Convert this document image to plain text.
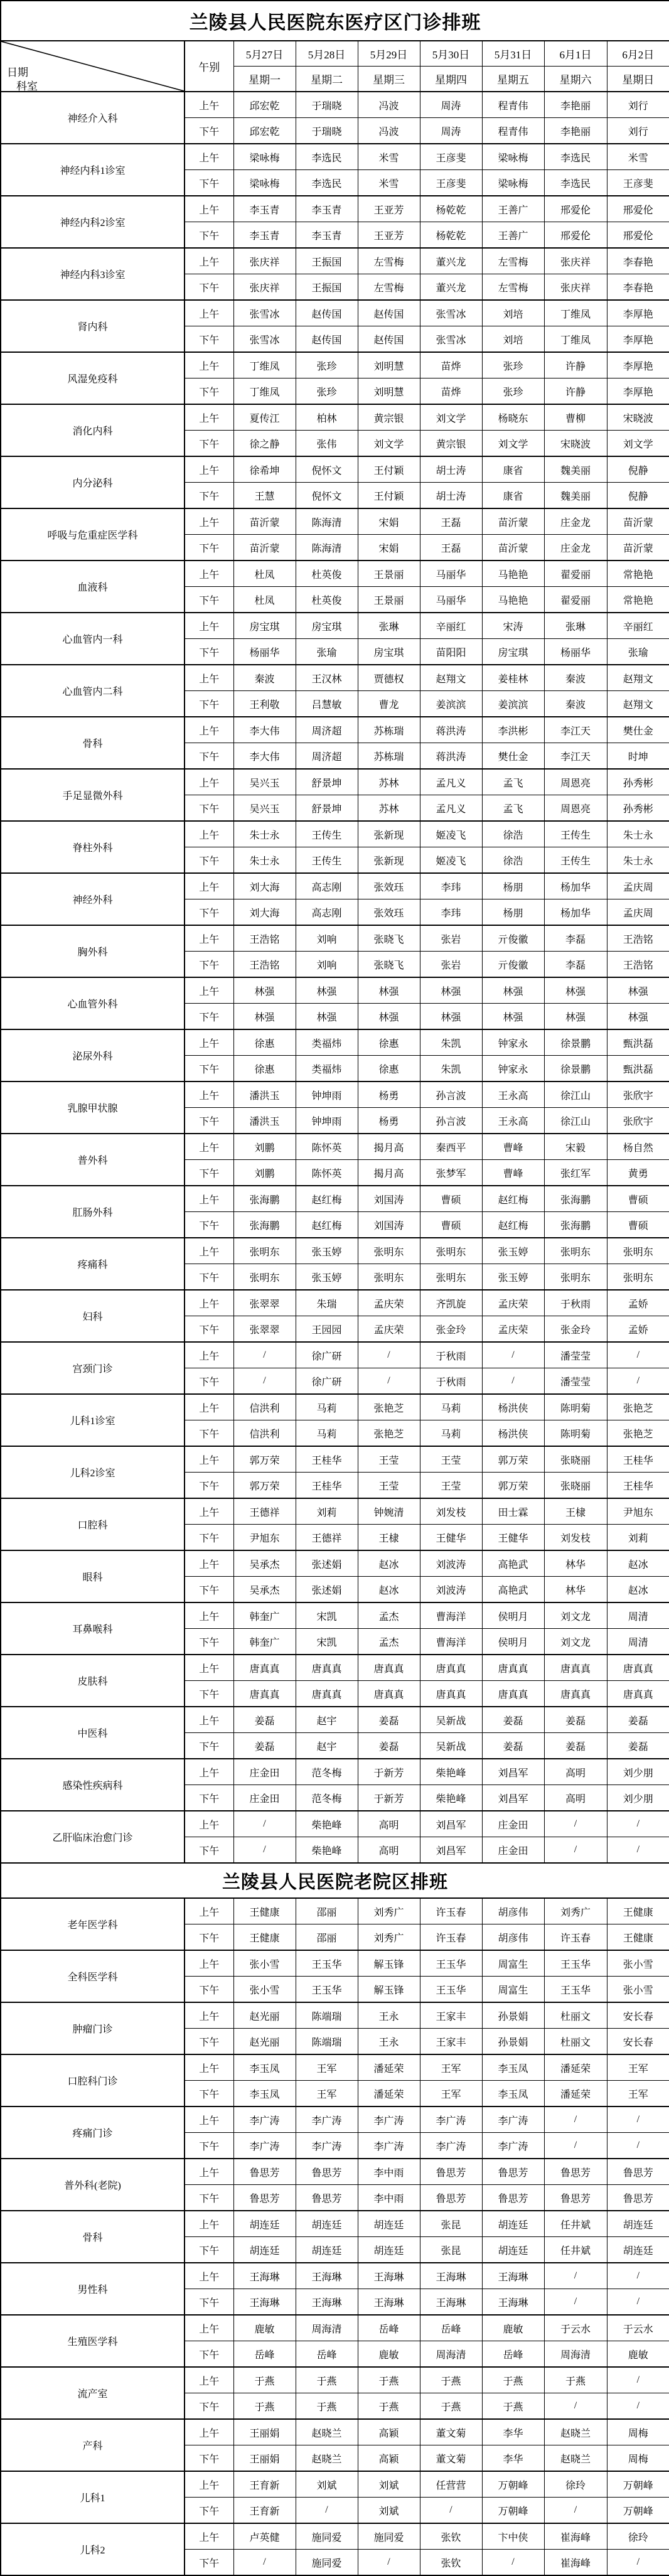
兰陵县人民医院东医疗区门诊排班								

日期
科室	午别	5月27日	5月28日	5月29日	5月30日	5月31日	6月1日	6月2日
		星期一	星期二	星期三	星期四	星期五	星期六	星期日
神经介入科	上午	邱宏乾	于瑞晓	冯波	周涛	程青伟	李艳丽	刘行
	下午	邱宏乾	于瑞晓	冯波	周涛	程青伟	李艳丽	刘行
神经内科1诊室	上午	梁咏梅	李选民	米雪	王彦斐	梁咏梅	李选民	米雪
	下午	梁咏梅	李选民	米雪	王彦斐	梁咏梅	李选民	王彦斐
神经内科2诊室	上午	李玉青	李玉青	王亚芳	杨乾乾	王善广	邢爱伦	邢爱伦
	下午	李玉青	李玉青	王亚芳	杨乾乾	王善广	邢爱伦	邢爱伦
神经内科3诊室	上午	张庆祥	王振国	左雪梅	董兴龙	左雪梅	张庆祥	李春艳
	下午	张庆祥	王振国	左雪梅	董兴龙	左雪梅	张庆祥	李春艳
肾内科	上午	张雪冰	赵传国	赵传国	张雪冰	刘培	丁维凤	李厚艳
	下午	张雪冰	赵传国	赵传国	张雪冰	刘培	丁维凤	李厚艳
风湿免疫科	上午	丁维凤	张珍	刘明慧	苗烨	张珍	许静	李厚艳
	下午	丁维凤	张珍	刘明慧	苗烨	张珍	许静	李厚艳
消化内科	上午	夏传江	柏林	黄宗银	刘文学	杨晓东	曹柳	宋晓波
	下午	徐之静	张伟	刘文学	黄宗银	刘文学	宋晓波	刘文学
内分泌科	上午	徐希坤	倪怀文	王付颖	胡士涛	康省	魏美丽	倪静
	下午	王慧	倪怀文	王付颖	胡士涛	康省	魏美丽	倪静
呼吸与危重症医学科	上午	苗沂蒙	陈海清	宋娟	王磊	苗沂蒙	庄金龙	苗沂蒙
	下午	苗沂蒙	陈海清	宋娟	王磊	苗沂蒙	庄金龙	苗沂蒙
血液科	上午	杜凤	杜英俊	王景丽	马丽华	马艳艳	翟爱丽	常艳艳
	下午	杜凤	杜英俊	王景丽	马丽华	马艳艳	翟爱丽	常艳艳
心血管内一科	上午	房宝琪	房宝琪	张琳	辛丽红	宋涛	张琳	辛丽红
	下午	杨丽华	张瑜	房宝琪	苗阳阳	房宝琪	杨丽华	张瑜
心血管内二科	上午	秦波	王汉林	贾德权	赵翔文	姜桂林	秦波	赵翔文
	下午	王利敬	吕慧敏	曹龙	姜滨滨	姜滨滨	秦波	赵翔文
骨科	上午	李大伟	周济超	苏栋瑞	蒋洪涛	李洪彬	李江天	樊仕金
	下午	李大伟	周济超	苏栋瑞	蒋洪涛	樊仕金	李江天	时坤
手足显微外科	上午	吴兴玉	舒景坤	苏林	孟凡义	孟飞	周恩亮	孙秀彬
	下午	吴兴玉	舒景坤	苏林	孟凡义	孟飞	周恩亮	孙秀彬
脊柱外科	上午	朱士永	王传生	张新现	姬凌飞	徐浩	王传生	朱士永
	下午	朱士永	王传生	张新现	姬凌飞	徐浩	王传生	朱士永
神经外科	上午	刘大海	高志刚	张效珏	李玮	杨朋	杨加华	孟庆周
	下午	刘大海	高志刚	张效珏	李玮	杨朋	杨加华	孟庆周
胸外科	上午	王浩铭	刘响	张晓飞	张岩	亓俊徽	李磊	王浩铭
	下午	王浩铭	刘响	张晓飞	张岩	亓俊徽	李磊	王浩铭
心血管外科	上午	林强	林强	林强	林强	林强	林强	林强
	下午	林强	林强	林强	林强	林强	林强	林强
泌尿外科	上午	徐惠	类福炜	徐惠	朱凯	钟家永	徐景鹏	甄洪磊
	下午	徐惠	类福炜	徐惠	朱凯	钟家永	徐景鹏	甄洪磊
乳腺甲状腺	上午	潘洪玉	钟坤雨	杨勇	孙言波	王永高	徐江山	张欣宇
	下午	潘洪玉	钟坤雨	杨勇	孙言波	王永高	徐江山	张欣宇
普外科	上午	刘鹏	陈怀英	揭月高	秦西平	曹峰	宋毅	杨自然
	下午	刘鹏	陈怀英	揭月高	张梦军	曹峰	张红军	黄勇
肛肠外科	上午	张海鹏	赵红梅	刘国涛	曹硕	赵红梅	张海鹏	曹硕
	下午	张海鹏	赵红梅	刘国涛	曹硕	赵红梅	张海鹏	曹硕
疼痛科	上午	张明东	张玉婷	张明东	张明东	张玉婷	张明东	张明东
	下午	张明东	张玉婷	张明东	张明东	张玉婷	张明东	张明东
妇科	上午	张翠翠	朱瑞	孟庆荣	齐凯旋	孟庆荣	于秋雨	孟娇
	下午	张翠翠	王园园	孟庆荣	张金玲	孟庆荣	张金玲	孟娇
宫颈门诊	上午	/	徐广研	/	于秋雨	/	潘莹莹	/
	下午	/	徐广研	/	于秋雨	/	潘莹莹	/
儿科1诊室	上午	信洪利	马莉	张艳芝	马莉	杨洪侠	陈明菊	张艳芝
	下午	信洪利	马莉	张艳芝	马莉	杨洪侠	陈明菊	张艳芝
儿科2诊室	上午	郭万荣	王桂华	王莹	王莹	郭万荣	张晓丽	王桂华
	下午	郭万荣	王桂华	王莹	王莹	郭万荣	张晓丽	王桂华
口腔科	上午	王德祥	刘莉	钟婉清	刘发枝	田士霖	王棣	尹旭东
	下午	尹旭东	王德祥	王棣	王健华	王健华	刘发枝	刘莉
眼科	上午	吴承杰	张述娟	赵冰	刘波涛	高艳武	林华	赵冰
	下午	吴承杰	张述娟	赵冰	刘波涛	高艳武	林华	赵冰
耳鼻喉科	上午	韩奎广	宋凯	孟杰	曹海洋	侯明月	刘文龙	周清
	下午	韩奎广	宋凯	孟杰	曹海洋	侯明月	刘文龙	周清
皮肤科	上午	唐真真	唐真真	唐真真	唐真真	唐真真	唐真真	唐真真
	下午	唐真真	唐真真	唐真真	唐真真	唐真真	唐真真	唐真真
中医科	上午	姜磊	赵宇	姜磊	吴新战	姜磊	姜磊	姜磊
	下午	姜磊	赵宇	姜磊	吴新战	姜磊	姜磊	姜磊
感染性疾病科	上午	庄金田	范冬梅	于新芳	柴艳峰	刘昌军	高明	刘少朋
	下午	庄金田	范冬梅	于新芳	柴艳峰	刘昌军	高明	刘少朋
乙肝临床治愈门诊	上午	/	柴艳峰	高明	刘昌军	庄金田	/	/
	下午	/	柴艳峰	高明	刘昌军	庄金田	/	/
兰陵县人民医院老院区排班								
老年医学科	上午	王健康	邵丽	刘秀广	许玉春	胡彦伟	刘秀广	王健康
	下午	王健康	邵丽	刘秀广	许玉春	胡彦伟	许玉春	王健康
全科医学科	上午	张小雪	王玉华	解玉锋	王玉华	周富生	王玉华	张小雪
	下午	张小雪	王玉华	解玉锋	王玉华	周富生	王玉华	张小雪
肿瘤门诊	上午	赵光丽	陈端瑞	王永	王家丰	孙景娟	杜丽文	安长春
	下午	赵光丽	陈端瑞	王永	王家丰	孙景娟	杜丽文	安长春
口腔科门诊	上午	李玉凤	王军	潘延荣	王军	李玉凤	潘延荣	王军
	下午	李玉凤	王军	潘延荣	王军	李玉凤	潘延荣	王军
疼痛门诊	上午	李广涛	李广涛	李广涛	李广涛	李广涛	/	/
	下午	李广涛	李广涛	李广涛	李广涛	李广涛	/	/
普外科(老院)	上午	鲁思芳	鲁思芳	李中雨	鲁思芳	鲁思芳	鲁思芳	鲁思芳
	下午	鲁思芳	鲁思芳	李中雨	鲁思芳	鲁思芳	鲁思芳	鲁思芳
骨科	上午	胡连廷	胡连廷	胡连廷	张昆	胡连廷	任井斌	胡连廷
	下午	胡连廷	胡连廷	胡连廷	张昆	胡连廷	任井斌	胡连廷
男性科	上午	王海琳	王海琳	王海琳	王海琳	王海琳	/	/
	下午	王海琳	王海琳	王海琳	王海琳	王海琳	/	/
生殖医学科	上午	鹿敏	周海清	岳峰	岳峰	鹿敏	于云水	于云水
	下午	岳峰	岳峰	鹿敏	周海清	岳峰	周海清	鹿敏
流产室	上午	于燕	于燕	于燕	于燕	于燕	于燕	/
	下午	于燕	于燕	于燕	于燕	于燕	/	/
产科	上午	王丽娟	赵晓兰	高颖	董文菊	李华	赵晓兰	周梅
	下午	王丽娟	赵晓兰	高颖	董文菊	李华	赵晓兰	周梅
儿科1	上午	王育新	刘斌	刘斌	任营营	万朝峰	徐玲	万朝峰
	下午	王育新	/	刘斌	/	万朝峰	/	万朝峰
儿科2	上午	卢英健	施同爱	施同爱	张钦	卞中侠	崔海峰	徐玲
	下午	/	施同爱	/	张钦	/	崔海峰	/
